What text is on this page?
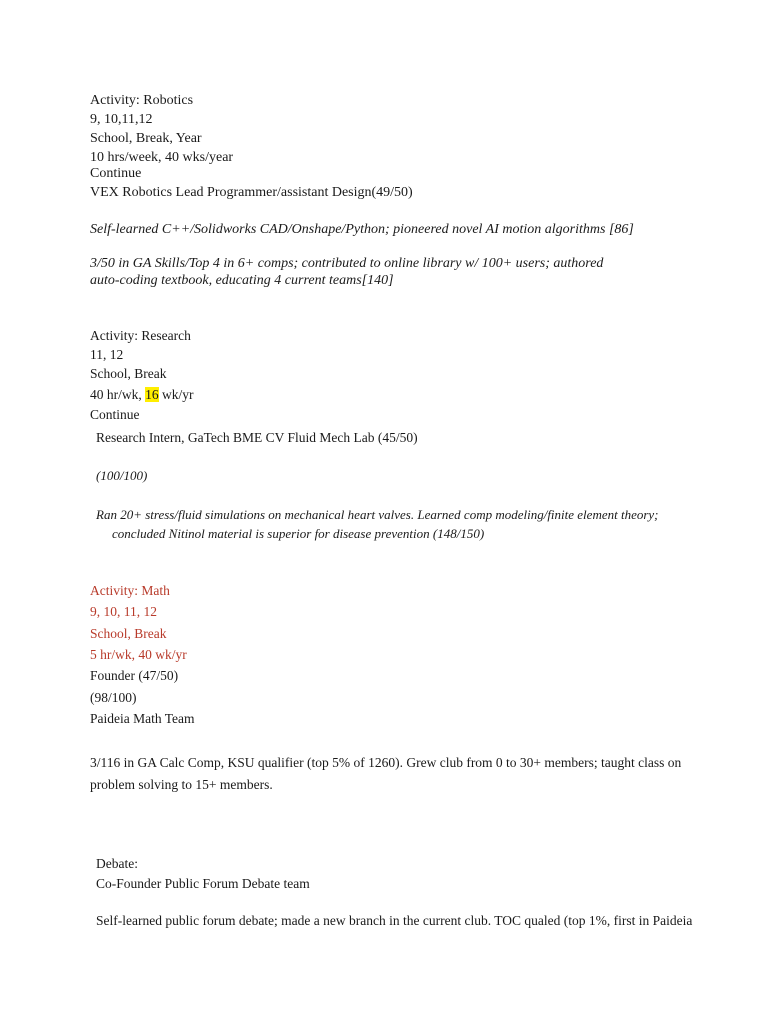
Activity: Robotics
9, 10,11,12
School, Break, Year
10 hrs/week, 40 wks/year
Continue
VEX Robotics Lead Programmer/assistant Design(49/50)
Self-learned C++/Solidworks CAD/Onshape/Python; pioneered novel AI motion algorithms [86]
3/50 in GA Skills/Top 4 in 6+ comps; contributed to online library w/ 100+ users; authored
auto-coding textbook, educating 4 current teams[140]
Activity: Research
11, 12
School, Break
40 hr/wk, 16 wk/yr
Continue
Research Intern, GaTech BME CV Fluid Mech Lab (45/50)
(100/100)
Ran 20+ stress/fluid simulations on mechanical heart valves. Learned comp modeling/finite element theory; concluded Nitinol material is superior for disease prevention (148/150)
Activity: Math
9, 10, 11, 12
School, Break
5 hr/wk, 40 wk/yr
Founder (47/50)
(98/100)
Paideia Math Team
3/116 in GA Calc Comp, KSU qualifier (top 5% of 1260). Grew club from 0 to 30+ members; taught class on problem solving to 15+ members.
Debate:
Co-Founder Public Forum Debate team
Self-learned public forum debate; made a new branch in the current club. TOC qualed (top 1%, first in Paideia
